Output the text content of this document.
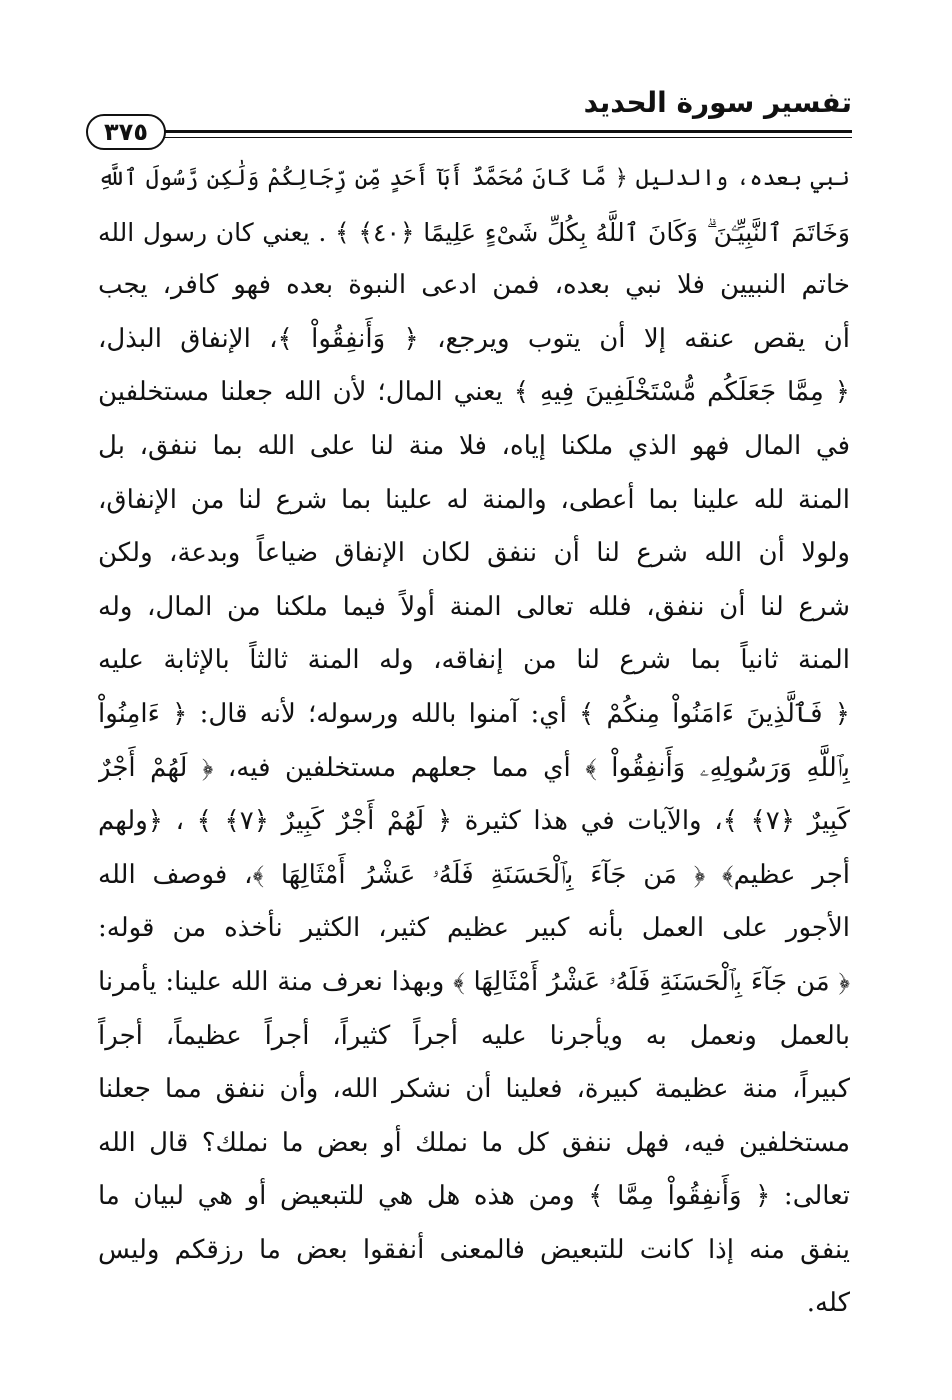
تفسير سورة الحديد
٣٧٥
نبي بعده، والدليل ﴿ مَّا كَانَ مُحَمَّدٌ أَبَآ أَحَدٍ مِّن رِّجَالِكُمْ وَلَٰكِن رَّسُولَ ٱللَّهِ
وَخَاتَمَ ٱلنَّبِيِّـۧنَ ۗ وَكَانَ ٱللَّهُ بِكُلِّ شَىْءٍ عَلِيمًا ﴿٤٠﴾ ﴾ . يعني كان رسول الله
خاتم النبيين فلا نبي بعده، فمن ادعى النبوة بعده فهو كافر، يجب
أن يقص عنقه إلا أن يتوب ويرجع، ﴿ وَأَنفِقُواْ ﴾، الإنفاق البذل،
﴿ مِمَّا جَعَلَكُم مُّسْتَخْلَفِينَ فِيهِ ﴾ يعني المال؛ لأن الله جعلنا مستخلفين
في المال فهو الذي ملكنا إياه، فلا منة لنا على الله بما ننفق، بل
المنة لله علينا بما أعطى، والمنة له علينا بما شرع لنا من الإنفاق،
ولولا أن الله شرع لنا أن ننفق لكان الإنفاق ضياعاً وبدعة، ولكن
شرع لنا أن ننفق، فلله تعالى المنة أولاً فيما ملكنا من المال، وله
المنة ثانياً بما شرع لنا من إنفاقه، وله المنة ثالثاً بالإثابة عليه
﴿ فَٱلَّذِينَ ءَامَنُواْ مِنكُمْ ﴾ أي: آمنوا بالله ورسوله؛ لأنه قال: ﴿ ءَامِنُواْ
بِٱللَّهِ وَرَسُولِهِۦ وَأَنفِقُواْ ﴾ أي مما جعلهم مستخلفين فيه، ﴿ لَهُمْ أَجْرٌ
كَبِيرٌ ﴿٧﴾ ﴾، والآيات في هذا كثيرة ﴿ لَهُمْ أَجْرٌ كَبِيرٌ ﴿٧﴾ ﴾ ، ﴿ولهم
أجر عظيم﴾ ﴿ مَن جَآءَ بِٱلْحَسَنَةِ فَلَهُۥ عَشْرُ أَمْثَالِهَا ﴾، فوصف الله
الأجور على العمل بأنه كبير عظيم كثير، الكثير نأخذه من قوله:
﴿ مَن جَآءَ بِٱلْحَسَنَةِ فَلَهُۥ عَشْرُ أَمْثَالِهَا ﴾ وبهذا نعرف منة الله علينا: يأمرنا
بالعمل ونعمل به ويأجرنا عليه أجراً كثيراً، أجراً عظيماً، أجراً
كبيراً، منة عظيمة كبيرة، فعلينا أن نشكر الله، وأن ننفق مما جعلنا
مستخلفين فيه، فهل ننفق كل ما نملك أو بعض ما نملك؟ قال الله
تعالى: ﴿ وَأَنفِقُواْ مِمَّا ﴾ ومن هذه هل هي للتبعيض أو هي لبيان ما
ينفق منه إذا كانت للتبعيض فالمعنى أنفقوا بعض ما رزقكم وليس
كله.
